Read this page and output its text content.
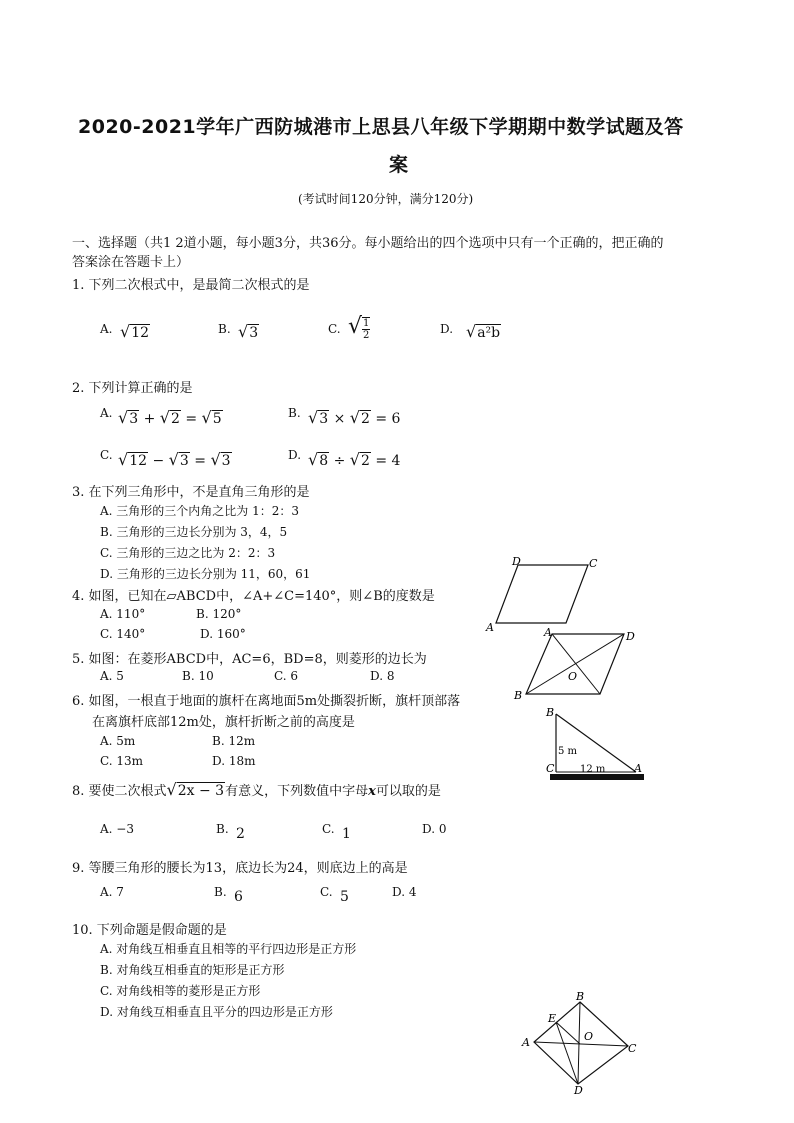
2020-2021学年广西防城港市上思县八年级下学期期中数学试题及答
案
(考试时间120分钟，满分120分)
一、选择题（共1 2道小题，每小题3分，共36分。每小题给出的四个选项中只有一个正确的，把正确的
答案涂在答题卡上）
1. 下列二次根式中，是最简二次根式的是
A. √12	B. √3	C. √ $\frac{1}{2}$	D. √a²b
2. 下列计算正确的是
A. √3 + √2 = √5	B. √3 × √2 = 6
C. √12 − √3 = √3	D. √8 ÷ √2 = 4
3. 在下列三角形中，不是直角三角形的是
A. 三角形的三个内角之比为 1：2：3
B. 三角形的三边长分别为 3，4，5
C. 三角形的三边之比为 2：2：3
D. 三角形的三边长分别为 11，60，61
4. 如图，已知在▱ABCD中，∠A+∠C=140°，则∠B的度数是
A. 110°	B. 120°
C. 140°	D. 160°
5. 如图：在菱形ABCD中，AC=6，BD=8，则菱形的边长为
A. 5	B. 10	C. 6	D. 8
6. 如图，一根直于地面的旗杆在离地面5m处撕裂折断，旗杆顶部落
在离旗杆底部12m处，旗杆折断之前的高度是
A. 5m	B. 12m
C. 13m	D. 18m
8. 要使二次根式√2x − 3有意义，下列数值中字母x可以取的是
A. −3	B. 2	C. 1	D. 0
9. 等腰三角形的腰长为13，底边长为24，则底边上的高是
A. 7	B. 6	C. 5	D. 4
10. 下列命题是假命题的是
A. 对角线互相垂直且相等的平行四边形是正方形
B. 对角线互相垂直的矩形是正方形
C. 对角线相等的菱形是正方形
D. 对角线互相垂直且平分的四边形是正方形
D	C
A	A	D
B
O
B
C	A
5 m
12 m
B
A	C
D
E
O
